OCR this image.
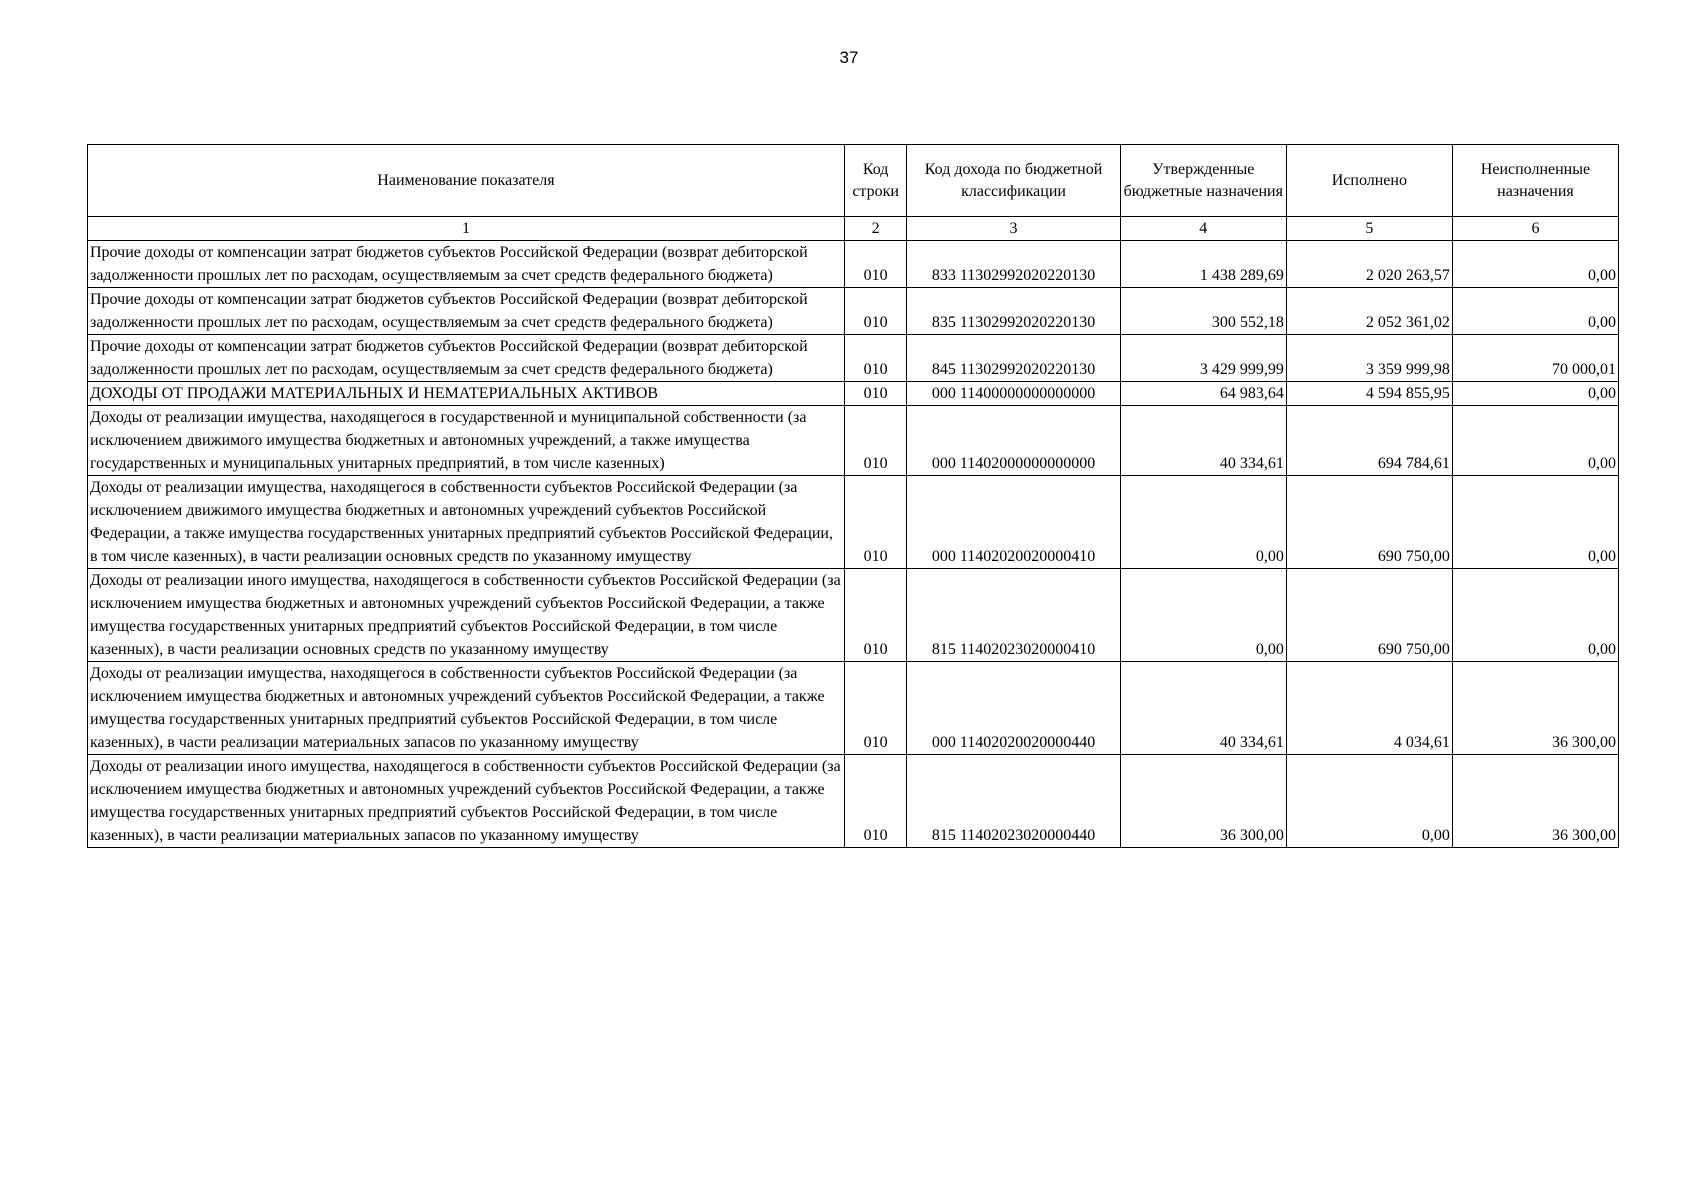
37
Наименование показателя	Код строки	Код дохода по бюджетной классификации	Утвержденные бюджетные назначения	Исполнено	Неисполненные назначения
1	2	3	4	5	6
Прочие доходы от компенсации затрат бюджетов субъектов Российской Федерации (возврат дебиторской задолженности прошлых лет по расходам, осуществляемым за счет средств федерального бюджета)	010	833 11302992020220130	1 438 289,69	2 020 263,57	0,00
Прочие доходы от компенсации затрат бюджетов субъектов Российской Федерации (возврат дебиторской задолженности прошлых лет по расходам, осуществляемым за счет средств федерального бюджета)	010	835 11302992020220130	300 552,18	2 052 361,02	0,00
Прочие доходы от компенсации затрат бюджетов субъектов Российской Федерации (возврат дебиторской задолженности прошлых лет по расходам, осуществляемым за счет средств федерального бюджета)	010	845 11302992020220130	3 429 999,99	3 359 999,98	70 000,01
ДОХОДЫ ОТ ПРОДАЖИ МАТЕРИАЛЬНЫХ И НЕМАТЕРИАЛЬНЫХ АКТИВОВ	010	000 11400000000000000	64 983,64	4 594 855,95	0,00
Доходы от реализации имущества, находящегося в государственной и муниципальной собственности (за исключением движимого имущества бюджетных и автономных учреждений, а также имущества государственных и муниципальных унитарных предприятий, в том числе казенных)	010	000 11402000000000000	40 334,61	694 784,61	0,00
Доходы от реализации имущества, находящегося в собственности субъектов Российской Федерации (за исключением движимого имущества бюджетных и автономных учреждений субъектов Российской Федерации, а также имущества государственных унитарных предприятий субъектов Российской Федерации, в том числе казенных), в части реализации основных средств по указанному имуществу	010	000 11402020020000410	0,00	690 750,00	0,00
Доходы от реализации иного имущества, находящегося в собственности субъектов Российской Федерации (за исключением имущества бюджетных и автономных учреждений субъектов Российской Федерации, а также имущества государственных унитарных предприятий субъектов Российской Федерации, в том числе казенных), в части реализации основных средств по указанному имуществу	010	815 11402023020000410	0,00	690 750,00	0,00
Доходы от реализации имущества, находящегося в собственности субъектов Российской Федерации (за исключением имущества бюджетных и автономных учреждений субъектов Российской Федерации, а также имущества государственных унитарных предприятий субъектов Российской Федерации, в том числе казенных), в части реализации материальных запасов по указанному имуществу	010	000 11402020020000440	40 334,61	4 034,61	36 300,00
Доходы от реализации иного имущества, находящегося в собственности субъектов Российской Федерации (за исключением имущества бюджетных и автономных учреждений субъектов Российской Федерации, а также имущества государственных унитарных предприятий субъектов Российской Федерации, в том числе казенных), в части реализации материальных запасов по указанному имуществу	010	815 11402023020000440	36 300,00	0,00	36 300,00
